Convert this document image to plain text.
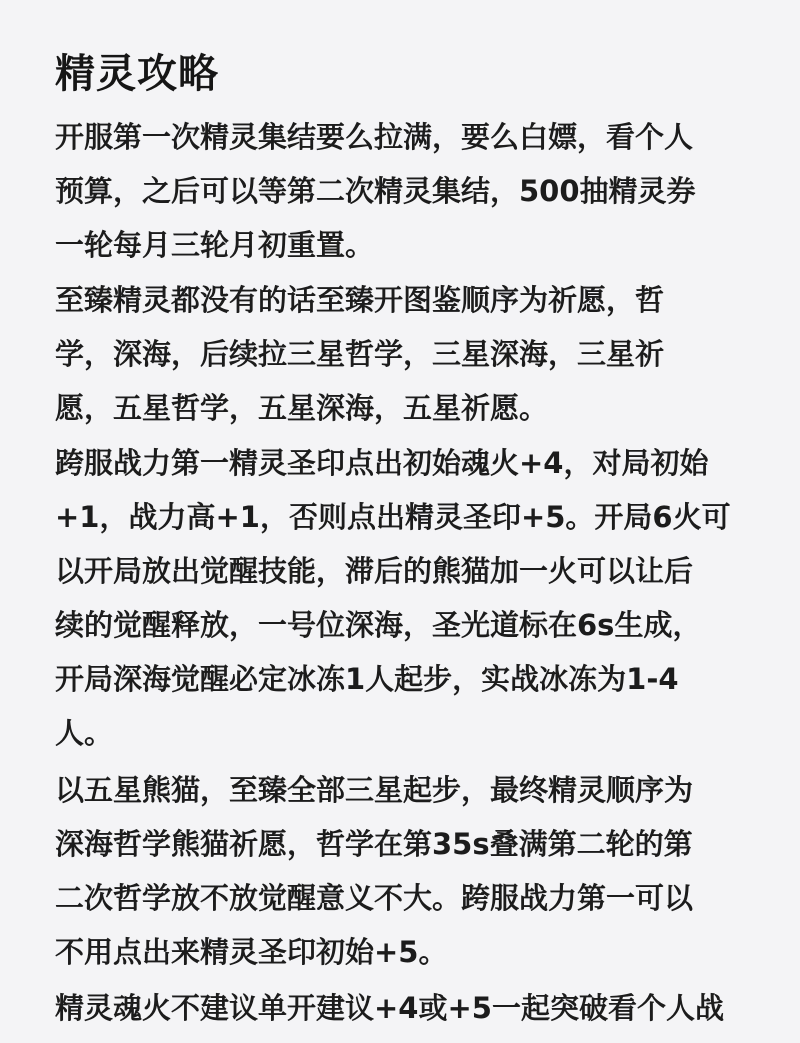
精灵攻略

开服第一次精灵集结要么拉满，要么白嫖，看个人
预算，之后可以等第二次精灵集结，500抽精灵券
一轮每月三轮月初重置。

至臻精灵都没有的话至臻开图鉴顺序为祈愿，哲
学，深海，后续拉三星哲学，三星深海，三星祈
愿，五星哲学，五星深海，五星祈愿。

跨服战力第一精灵圣印点出初始魂火+4，对局初始
+1，战力高+1，否则点出精灵圣印+5。开局6火可
以开局放出觉醒技能，滞后的熊猫加一火可以让后
续的觉醒释放，一号位深海，圣光道标在6s生成，
开局深海觉醒必定冰冻1人起步，实战冰冻为1-4
人。

以五星熊猫，至臻全部三星起步，最终精灵顺序为
深海哲学熊猫祈愿，哲学在第35s叠满第二轮的第
二次哲学放不放觉醒意义不大。跨服战力第一可以
不用点出来精灵圣印初始+5。

精灵魂火不建议单开建议+4或+5一起突破看个人战
